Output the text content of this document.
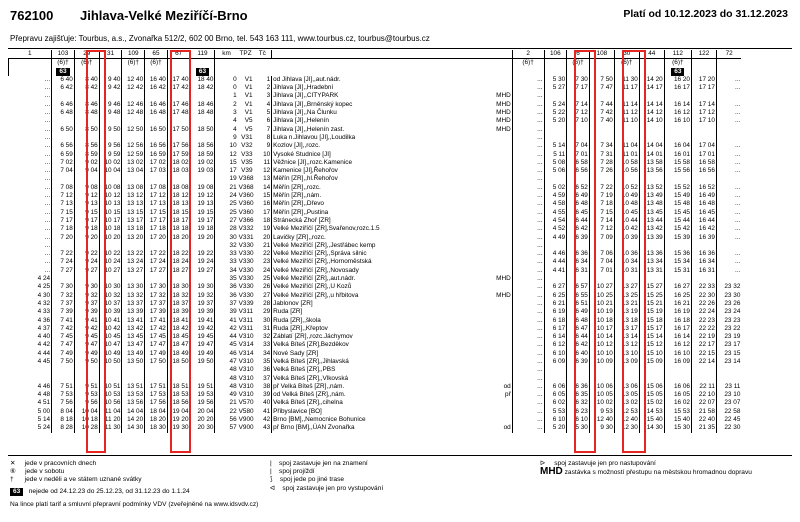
762100 Jihlava-Velké Meziříčí-Brno	Platí od 10.12.2023 do 31.12.2023
Přepravu zajišťuje: Tourbus, a.s., Zvonařka 512/2, 602 00 Brno, tel. 543 163 111, www.tourbus.cz, tourbus@tourbus.cz
1	103	29	31	109	65	67	119	km	TPZ	Tč			2	106	6	108	30	44	112	122	72
	(6)†	(6)†		(6)†	(6)†								(6)†		(6)†		(6)†		(6)†		
	63						63												63		
...	6 40	8 40	9 40	12 40	16 40	17 40	18 40	0	V1	1	od Jihlava [JI],,aut.nádr.		...	5 30	7 30	7 50	11 30	14 20	16 20	17 20	...
...	6 42	8 42	9 42	12 42	16 42	17 42	18 42	0	V1	2	Jihlava [JI],,Hradební		...	5 27	7 17	7 47	11 17	14 17	16 17	17 17	...
...								1	V1	3	Jihlava [JI],,CITYPARK	MHD	...								
...	6 46	8 46	9 46	12 46	16 46	17 46	18 46	2	V1	4	Jihlava [JI],,Brněnský kopec	MHD	...	5 24	7 14	7 44	11 14	14 14	16 14	17 14	...
...	6 48	8 48	9 48	12 48	16 48	17 48	18 48	3	V1	5	Jihlava [JI],,Na Člunku	MHD	...	5 22	7 12	7 42	11 12	14 12	16 12	17 12	...
...								4	V5	6	Jihlava [JI],,Helenín	MHD	...	5 20	7 10	7 40	11 10	14 10	16 10	17 10	...
...	6 50	8 50	9 50	12 50	16 50	17 50	18 50	4	V5	7	Jihlava [JI],,Helenín zast.	MHD	...								
...								9	V31	8	Luka n.Jihlavou [JI],,Loudilka		...								
...	6 56	8 56	9 56	12 56	16 56	17 56	18 56	10	V32	9	Kozlov [JI],,rozc.		...	5 14	7 04	7 34	11 04	14 04	16 04	17 04	...
...	6 59	8 59	9 59	12 59	16 59	17 59	18 59	12	V33	10	Vysoké Studnice [JI]		...	5 11	7 01	7 31	11 01	14 01	16 01	17 01	...
...	7 02	9 02	10 02	13 02	17 02	18 02	19 02	15	V35	11	Věžnice [JI],,rozc.Kamenice		...	5 08	6 58	7 28	10 58	13 58	15 58	16 58	...
...	7 04	9 04	10 04	13 04	17 03	18 03	19 03	17	V39	12	Kamenice [JI],Řehořov		...	5 06	6 56	7 26	10 56	13 56	15 56	16 56	...
...								19	V368	13	Měřín [ZR],,hl.Řehořov		...								
...	7 08	9 08	10 08	13 08	17 08	18 08	19 08	21	V368	14	Měřín [ZR],,rozc.		...	5 02	6 52	7 22	10 52	13 52	15 52	16 52	...
...	7 12	9 12	10 12	13 12	17 12	18 12	19 12	24	V360	15	Měřín [ZR],,nám.		...	4 59	6 49	7 19	10 49	13 49	15 49	16 49	...
...	7 13	9 13	10 13	13 13	17 13	18 13	19 13	25	V360	16	Měřín [ZR],,Dřevo		...	4 58	6 48	7 18	10 48	13 48	15 48	16 48	...
...	7 15	9 15	10 15	13 15	17 15	18 15	19 15	25	V360	17	Měřín [ZR],,Pustina		...	4 55	6 45	7 15	10 45	13 45	15 45	16 45	...
...	7 17	9 17	10 17	13 17	17 17	18 17	19 17	27	V366	18	Stránecká Zhoř [ZR]		...	4 54	6 44	7 14	10 44	13 44	15 44	16 44	...
...	7 18	9 18	10 18	13 18	17 18	18 18	19 18	28	V332	19	Velké Meziříčí [ZR],Svařenov,rozc.1.5		...	4 52	6 42	7 12	10 42	13 42	15 42	16 42	...
...	7 20	9 20	10 20	13 20	17 20	18 20	19 20	30	V331	20	Lavičky [ZR],,rozc.		...	4 49	6 39	7 09	10 39	13 39	15 39	16 39	...
...								32	V330	21	Velké Meziříčí [ZR],,Jestřábec kemp		...								
...	7 22	9 22	10 22	13 22	17 22	18 22	19 22	33	V330	22	Velké Meziříčí [ZR],,Správa silnic		...	4 46	6 36	7 06	10 36	13 36	15 36	16 36	...
...	7 24	9 24	10 24	13 24	17 24	18 24	19 24	33	V330	23	Velké Meziříčí [ZR],,Hornoměstská		...	4 44	6 34	7 04	10 34	13 34	15 34	16 34	...
...	7 27	9 27	10 27	13 27	17 27	18 27	19 27	34	V330	24	Velké Meziříčí [ZR],,Novosady		...	4 41	6 31	7 01	10 31	13 31	15 31	16 31	...
4 24								35	V330	25	Velké Meziříčí [ZR],,aut.nádr.	MHD	...								
4 25	7 30	9 30	10 30	13 30	17 30	18 30	19 30	36	V330	26	Velké Meziříčí [ZR],,U Kozů		...	6 27	6 57	10 27	13 27	15 27	16 27	22 33	23 32
4 30	7 32	9 32	10 32	13 32	17 32	18 32	19 32	36	V330	27	Velké Meziříčí [ZR],,u hřbitova	MHD	...	6 25	6 55	10 25	13 25	15 25	16 25	22 30	23 30
4 32	7 37	9 37	10 37	13 37	17 37	18 37	19 37	37	V339	28	Jablonov [ZR]		...	6 21	6 51	10 21	13 21	15 21	16 21	22 26	23 26
4 33	7 39	9 39	10 39	13 39	17 39	18 39	19 39	39	V311	29	Ruda [ZR]		...	6 19	6 49	10 19	13 19	15 19	16 19	22 24	23 24
4 36	7 41	9 41	10 41	13 41	17 41	18 41	19 41	41	V311	30	Ruda [ZR],,škola		...	6 18	6 48	10 18	13 18	15 18	16 18	22 23	23 23
4 37	7 42	9 42	10 42	13 42	17 42	18 42	19 42	42	V311	31	Ruda [ZR],,Křeptov		...	6 17	6 47	10 17	13 17	15 17	16 17	22 22	23 22
4 40	7 45	9 45	10 45	13 45	17 45	18 45	19 45	44	V310	32	Záblatí [ZR],,rozc.Jáchymov		...	6 14	6 44	10 14	13 14	15 14	16 14	22 19	23 19
4 42	7 47	9 47	10 47	13 47	17 47	18 47	19 47	45	V314	33	Velká Bíteš [ZR],Bezděkov		...	6 12	6 42	10 12	13 12	15 12	16 12	22 17	23 17
4 44	7 49	9 49	10 49	13 49	17 49	18 49	19 49	46	V314	34	Nové Sady [ZR]		...	6 10	6 40	10 10	13 10	15 10	16 10	22 15	23 15
4 45	7 50	9 50	10 50	13 50	17 50	18 50	19 50	47	V310	35	Velká Bíteš [ZR],,Jihlavská		...	6 09	6 39	10 09	13 09	15 09	16 09	22 14	23 14
								48	V310	36	Velká Bíteš [ZR],,PBS		...								
								48	V310	37	Velká Bíteš [ZR],,Vlkovská		...								
4 46	7 51	9 51	10 51	13 51	17 51	18 51	19 51	48	V310	38	př Velká Bíteš [ZR],,nám.	od	...	6 06	6 36	10 06	13 06	15 06	16 06	22 11	23 11
4 48	7 53	9 53	10 53	13 53	17 53	18 53	19 53	49	V310	39	od Velká Bíteš [ZR],,nám.	př	...	6 05	6 35	10 05	13 05	15 05	16 05	22 10	23 10
4 51	7 56	9 56	10 56	13 56	17 56	18 56	19 56	21	V570	40	Velká Bíteš [ZR],,cihelna		...	6 02	6 32	10 02	13 02	15 02	16 02	22 07	23 07
5 00	8 04	10 04	11 04	14 04	18 04	19 04	20 04	22	V580	41	Přibyslavice [BO]		...	5 53	6 23	9 53	12 53	14 53	15 53	21 58	22 58
5 14	8 18	10 18	11 20	14 20	18 20	19 20	20 20	56	V900	42	Brno [BM],,Nemocnice Bohunice		...	6 10	6 10	12 40	12 40	15 40	15 40	22 40	22 45
5 24	8 28	10 28	11 30	14 30	18 30	19 30	20 30	57	V900	43	př Brno [BM],,ÚAN Zvonařka	od	...	5 20	5 30	9 30	12 30	14 30	15 30	21 35	22 30
✕     jede v pracovních dnech
⑥     jede v sobotu
†      jede v neděli a ve státem uznané svátky
63 nejede od 24.12.23 do 25.12.23, od 31.12.23 do 1.1.24
Na lince platí tarif a smluvní přepravní podmínky VDV (zveřejněné na www.idsvdv.cz)
|    spoj zastavuje jen na znamení
|    spoj projíždí
⟆    spoj jede po jiné trase
ᐊ    spoj zastavuje jen pro vystupování
ᐅ     spoj zastavuje jen pro nastupování
MHD zastávka s možností přestupu na městskou hromadnou dopravu
